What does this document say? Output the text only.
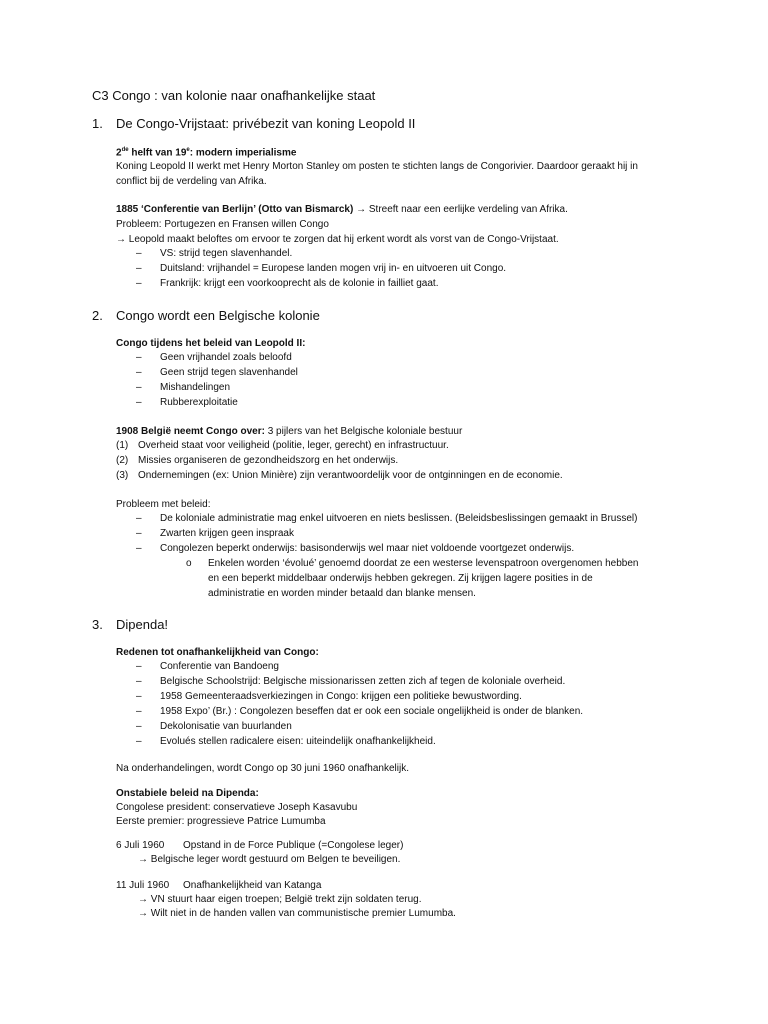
C3 Congo : van kolonie naar onafhankelijke staat
1. De Congo-Vrijstaat: privébezit van koning Leopold II
2de helft van 19e: modern imperialisme
Koning Leopold II werkt met Henry Morton Stanley om posten te stichten langs de Congorivier. Daardoor geraakt hij in
conflict bij de verdeling van Afrika.
1885 ‘Conferentie van Berlijn’ (Otto van Bismarck) → Streeft naar een eerlijke verdeling van Afrika.
Probleem: Portugezen en Fransen willen Congo
→ Leopold maakt beloftes om ervoor te zorgen dat hij erkent wordt als vorst van de Congo-Vrijstaat.
– VS: strijd tegen slavenhandel.
– Duitsland: vrijhandel = Europese landen mogen vrij in- en uitvoeren uit Congo.
– Frankrijk: krijgt een voorkooprecht als de kolonie in failliet gaat.
2. Congo wordt een Belgische kolonie
Congo tijdens het beleid van Leopold II:
– Geen vrijhandel zoals beloofd
– Geen strijd tegen slavenhandel
– Mishandelingen
– Rubberexploitatie
1908 België neemt Congo over: 3 pijlers van het Belgische koloniale bestuur
(1) Overheid staat voor veiligheid (politie, leger, gerecht) en infrastructuur.
(2) Missies organiseren de gezondheidszorg en het onderwijs.
(3) Ondernemingen (ex: Union Minière) zijn verantwoordelijk voor de ontginningen en de economie.
Probleem met beleid:
– De koloniale administratie mag enkel uitvoeren en niets beslissen. (Beleidsbeslissingen gemaakt in Brussel)
– Zwarten krijgen geen inspraak
– Congolezen beperkt onderwijs: basisonderwijs wel maar niet voldoende voortgezet onderwijs.
o Enkelen worden ‘évolué’ genoemd doordat ze een westerse levenspatroon overgenomen hebben
en een beperkt middelbaar onderwijs hebben gekregen. Zij krijgen lagere posities in de
administratie en worden minder betaald dan blanke mensen.
3. Dipenda!
Redenen tot onafhankelijkheid van Congo:
– Conferentie van Bandoeng
– Belgische Schoolstrijd: Belgische missionarissen zetten zich af tegen de koloniale overheid.
– 1958 Gemeenteraadsverkiezingen in Congo: krijgen een politieke bewustwording.
– 1958 Expo’ (Br.) : Congolezen beseffen dat er ook een sociale ongelijkheid is onder de blanken.
– Dekolonisatie van buurlanden
– Evolués stellen radicalere eisen: uiteindelijk onafhankelijkheid.
Na onderhandelingen, wordt Congo op 30 juni 1960 onafhankelijk.
Onstabiele beleid na Dipenda:
Congolese president: conservatieve Joseph Kasavubu
Eerste premier: progressieve Patrice Lumumba
6 Juli 1960 Opstand in de Force Publique (=Congolese leger)
→ Belgische leger wordt gestuurd om Belgen te beveiligen.
11 Juli 1960 Onafhankelijkheid van Katanga
→ VN stuurt haar eigen troepen; België trekt zijn soldaten terug.
→ Wilt niet in de handen vallen van communistische premier Lumumba.
